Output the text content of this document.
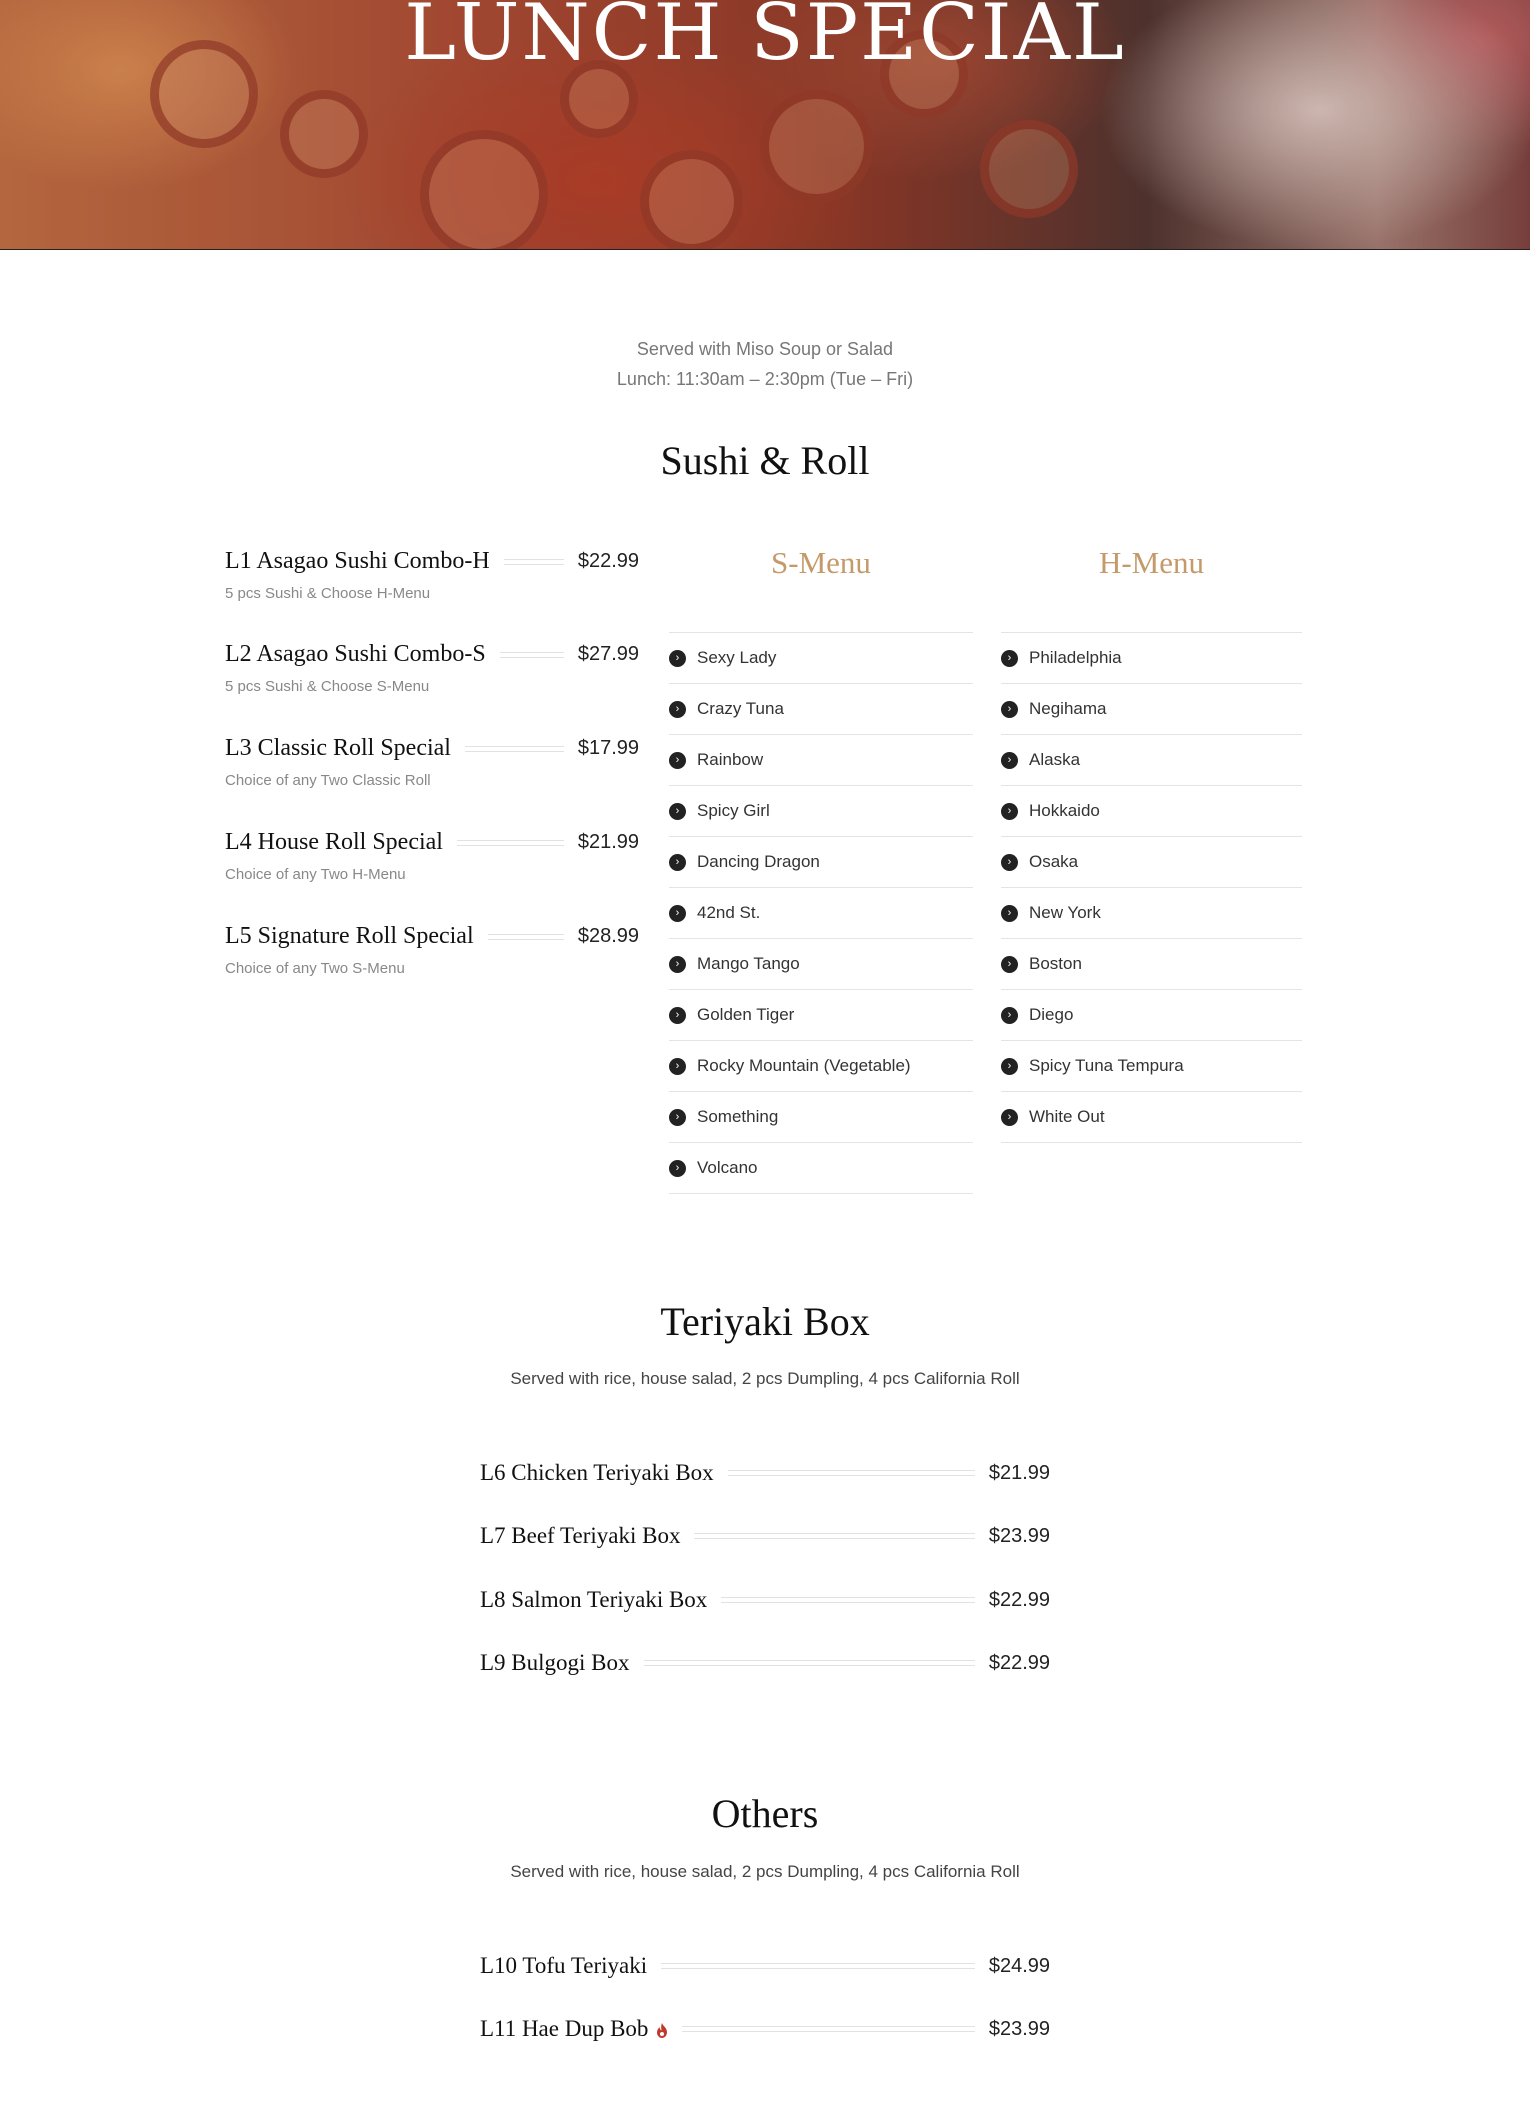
LUNCH SPECIAL
Served with Miso Soup or Salad
Lunch: 11:30am – 2:30pm (Tue – Fri)
Sushi & Roll
L1 Asagao Sushi Combo-H	$22.99
5 pcs Sushi & Choose H-Menu
L2 Asagao Sushi Combo-S	$27.99
5 pcs Sushi & Choose S-Menu
L3 Classic Roll Special	$17.99
Choice of any Two Classic Roll
L4 House Roll Special	$21.99
Choice of any Two H-Menu
L5 Signature Roll Special	$28.99
Choice of any Two S-Menu
S-Menu
›	Sexy Lady
›	Crazy Tuna
›	Rainbow
›	Spicy Girl
›	Dancing Dragon
›	42nd St.
›	Mango Tango
›	Golden Tiger
›	Rocky Mountain (Vegetable)
›	Something
›	Volcano
H-Menu
›	Philadelphia
›	Negihama
›	Alaska
›	Hokkaido
›	Osaka
›	New York
›	Boston
›	Diego
›	Spicy Tuna Tempura
›	White Out
Teriyaki Box
Served with rice, house salad, 2 pcs Dumpling, 4 pcs California Roll
L6 Chicken Teriyaki Box	$21.99
L7 Beef Teriyaki Box	$23.99
L8 Salmon Teriyaki Box	$22.99
L9 Bulgogi Box	$22.99
Others
Served with rice, house salad, 2 pcs Dumpling, 4 pcs California Roll
L10 Tofu Teriyaki	$24.99
L11 Hae Dup Bob	$23.99
